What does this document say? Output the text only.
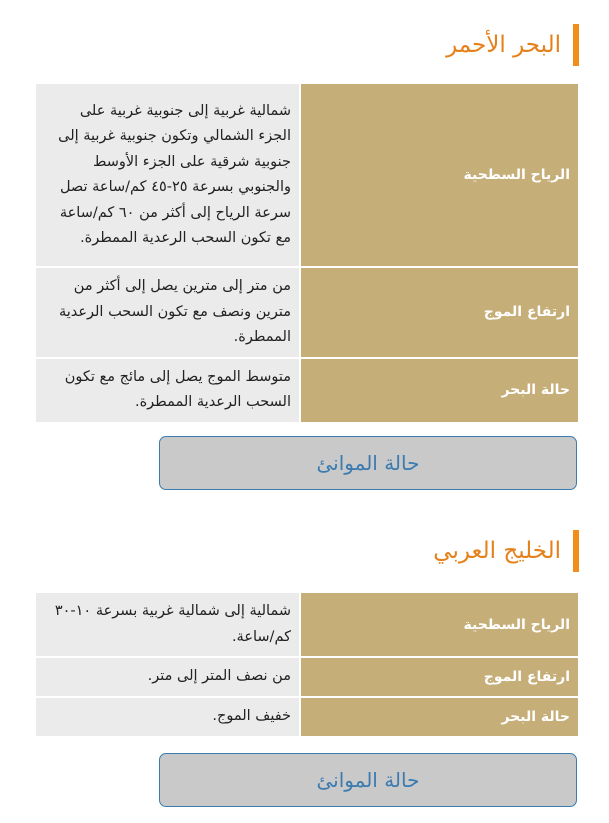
البحر الأحمر
الرياح السطحية	شمالية غربية إلى جنوبية غربية على الجزء الشمالي وتكون جنوبية غربية إلى جنوبية شرقية على الجزء الأوسط والجنوبي بسرعة ٢٥-٤٥ كم/ساعة تصل سرعة الرياح إلى أكثر من ٦٠ كم/ساعة مع تكون السحب الرعدية الممطرة.
ارتفاع الموج	من متر إلى مترين يصل إلى أكثر من مترين ونصف مع تكون السحب الرعدية الممطرة.
حالة البحر	متوسط الموج يصل إلى مائج مع تكون السحب الرعدية الممطرة.
حالة الموانئ
الخليج العربي
الرياح السطحية	شمالية إلى شمالية غربية بسرعة ١٠-٣٠ كم/ساعة.
ارتفاع الموج	من نصف المتر إلى متر.
حالة البحر	خفيف الموج.
حالة الموانئ
